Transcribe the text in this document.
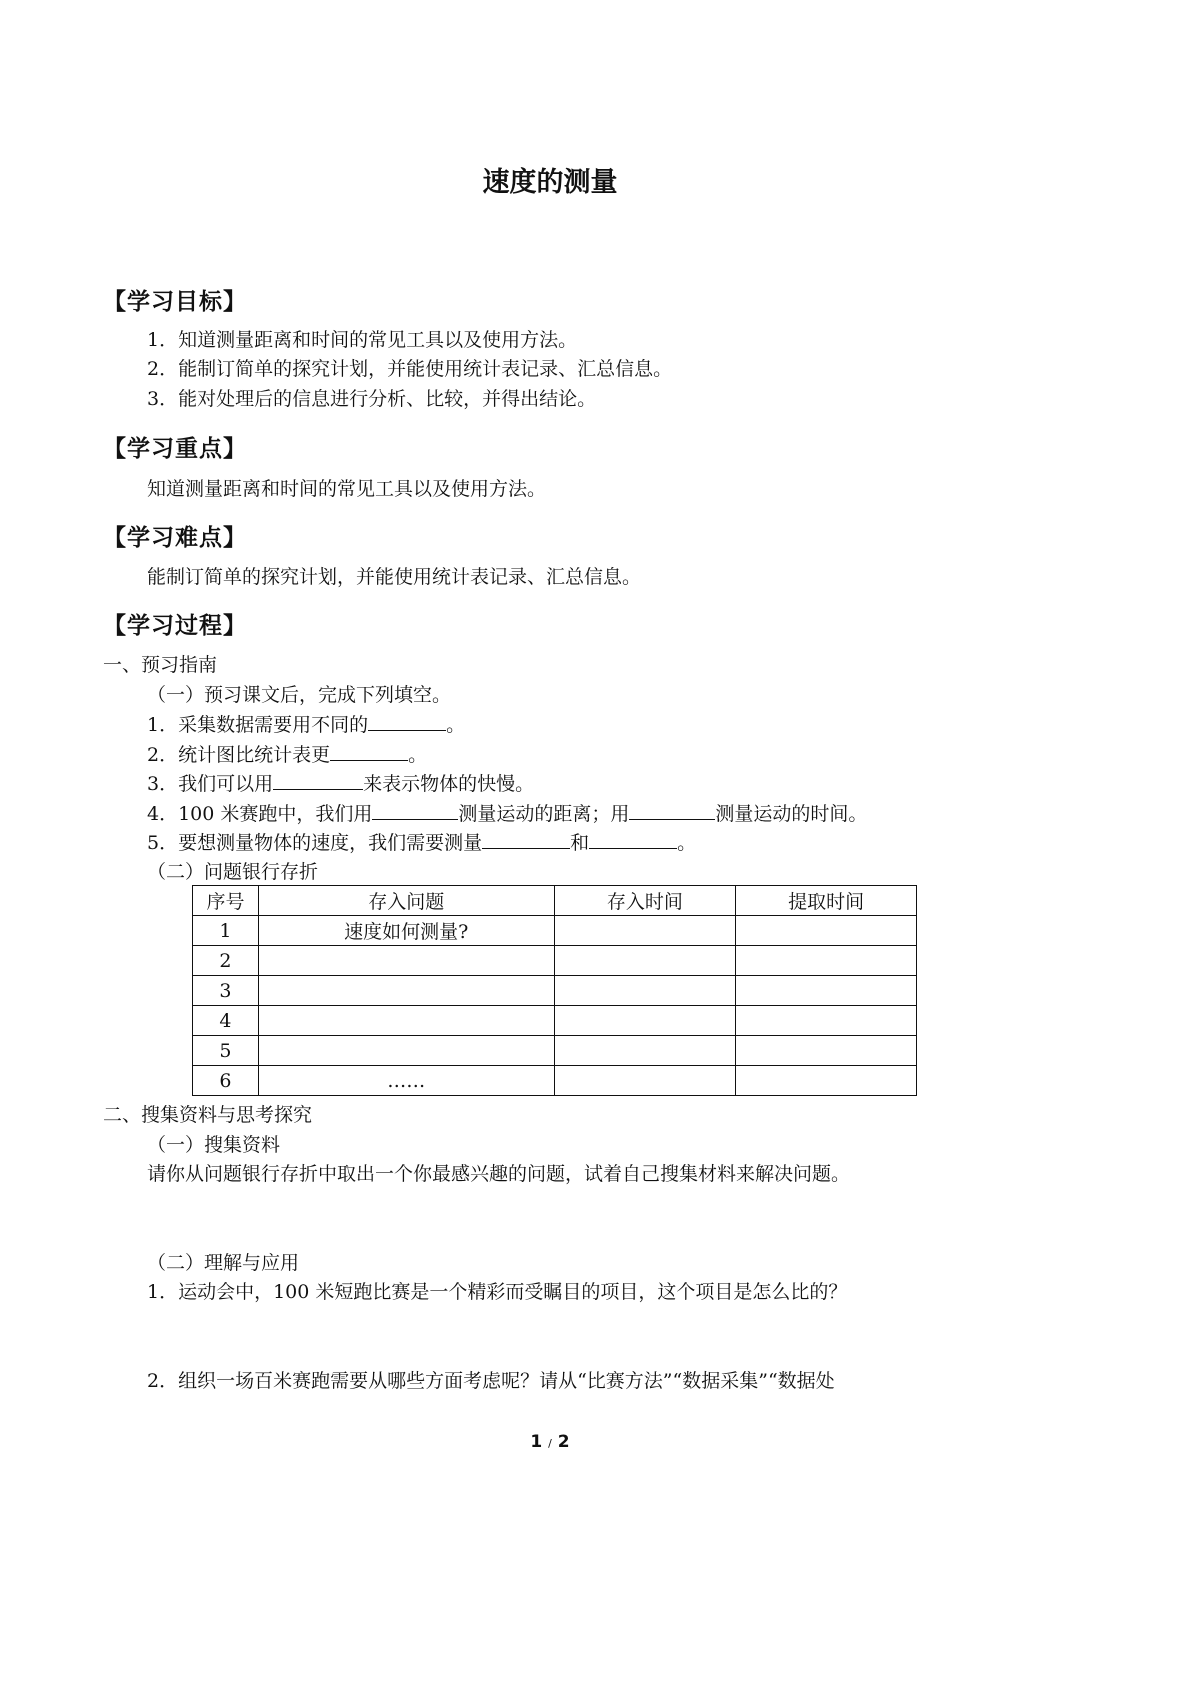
速度的测量
【学习目标】
1．知道测量距离和时间的常见工具以及使用方法。
2．能制订简单的探究计划，并能使用统计表记录、汇总信息。
3．能对处理后的信息进行分析、比较，并得出结论。
【学习重点】
知道测量距离和时间的常见工具以及使用方法。
【学习难点】
能制订简单的探究计划，并能使用统计表记录、汇总信息。
【学习过程】
一、预习指南
（一）预习课文后，完成下列填空。
1．采集数据需要用不同的	。
2．统计图比统计表更	。
3．我们可以用	来表示物体的快慢。
4．100 米赛跑中，我们用	测量运动的距离；用	测量运动的时间。
5．要想测量物体的速度，我们需要测量	和	。
（二）问题银行存折
序号	存入问题	存入时间	提取时间
1	速度如何测量?		
2			
3			
4			
5			
6	……		
二、搜集资料与思考探究
（一）搜集资料
请你从问题银行存折中取出一个你最感兴趣的问题，试着自己搜集材料来解决问题。
（二）理解与应用
1．运动会中，100 米短跑比赛是一个精彩而受瞩目的项目，这个项目是怎么比的？
2．组织一场百米赛跑需要从哪些方面考虑呢？请从“比赛方法”“数据采集”“数据处
1 / 2
